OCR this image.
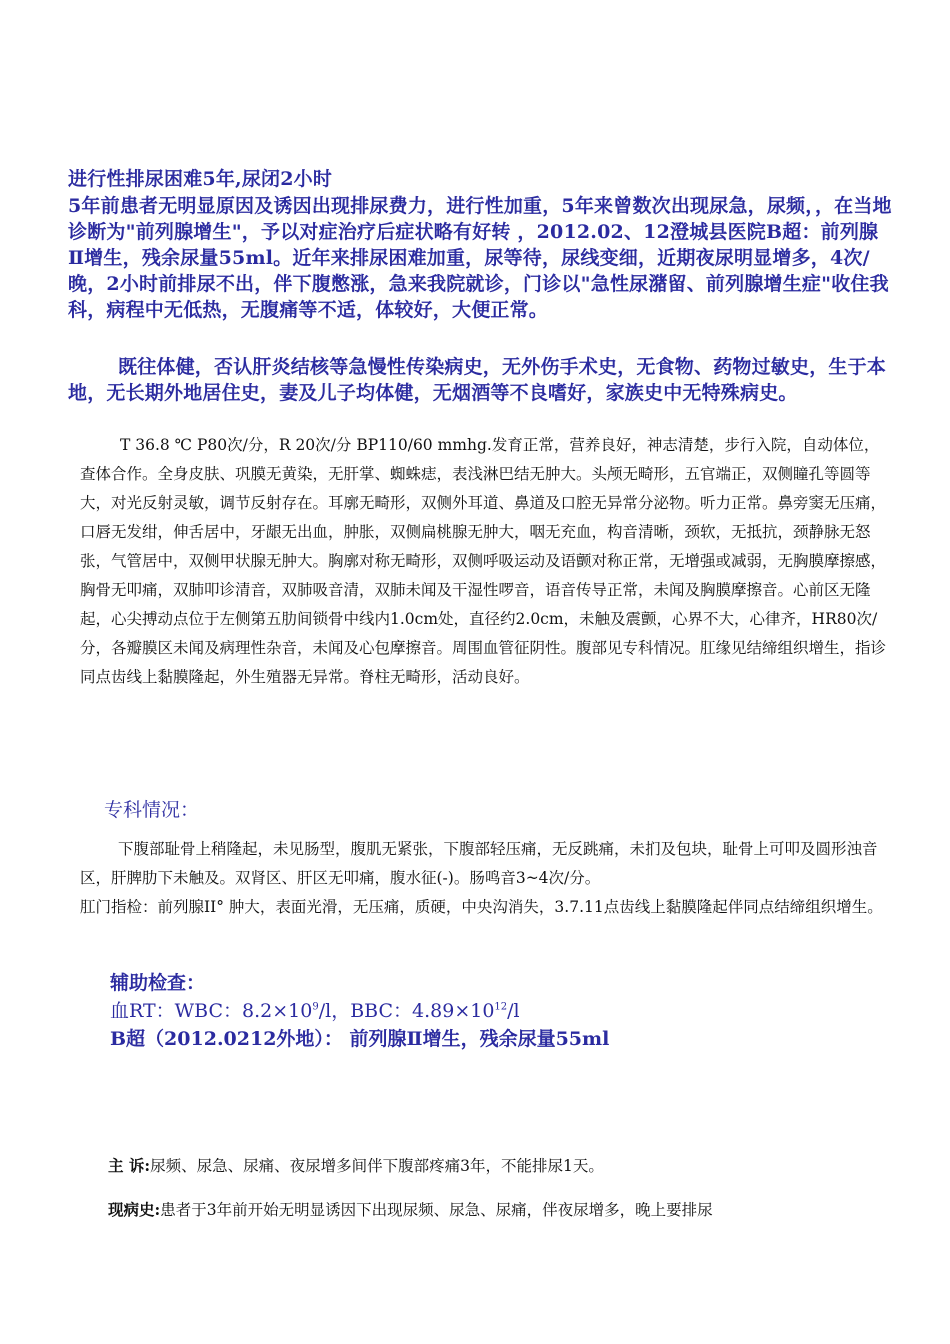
进行性排尿困难5年,尿闭2小时

5年前患者无明显原因及诱因出现排尿费力，进行性加重，5年来曾数次出现尿急，尿频，，在当地诊断为"前列腺增生"，予以对症治疗后症状略有好转 ，2012.02、12澄城县医院B超：前列腺Ⅱ增生，残余尿量55ml。近年来排尿困难加重，尿等待，尿线变细，近期夜尿明显增多，4次/晚，2小时前排尿不出，伴下腹憋涨，急来我院就诊，门诊以"急性尿潴留、前列腺增生症"收住我科，病程中无低热，无腹痛等不适，体较好，大便正常。

既往体健，否认肝炎结核等急慢性传染病史，无外伤手术史，无食物、药物过敏史，生于本地，无长期外地居住史，妻及儿子均体健，无烟酒等不良嗜好，家族史中无特殊病史。

T 36.8 ℃ P80次/分，R 20次/分 BP110/60 mmhg.发育正常，营养良好，神志清楚，步行入院，自动体位，查体合作。全身皮肤、巩膜无黄染，无肝掌、蜘蛛痣，表浅淋巴结无肿大。头颅无畸形，五官端正，双侧瞳孔等圆等大，对光反射灵敏，调节反射存在。耳廓无畸形，双侧外耳道、鼻道及口腔无异常分泌物。听力正常。鼻旁窦无压痛，口唇无发绀，伸舌居中，牙龈无出血，肿胀，双侧扁桃腺无肿大，咽无充血，构音清晰，颈软，无抵抗，颈静脉无怒张，气管居中，双侧甲状腺无肿大。胸廓对称无畸形，双侧呼吸运动及语颤对称正常，无增强或减弱，无胸膜摩擦感，胸骨无叩痛，双肺叩诊清音，双肺吸音清，双肺未闻及干湿性啰音，语音传导正常，未闻及胸膜摩擦音。心前区无隆起，心尖搏动点位于左侧第五肋间锁骨中线内1.0cm处，直径约2.0cm，未触及震颤，心界不大，心律齐，HR80次/分，各瓣膜区未闻及病理性杂音，未闻及心包摩擦音。周围血管征阴性。腹部见专科情况。肛缘见结缔组织增生，指诊同点齿线上黏膜隆起，外生殖器无异常。脊柱无畸形，活动良好。

专科情况：

下腹部耻骨上稍隆起，未见肠型，腹肌无紧张，下腹部轻压痛，无反跳痛，未扪及包块，耻骨上可叩及圆形浊音区，肝脾肋下未触及。双肾区、肝区无叩痛，腹水征(-)。肠鸣音3~4次/分。
肛门指检：前列腺II° 肿大，表面光滑，无压痛，质硬，中央沟消失，3.7.11点齿线上黏膜隆起伴同点结缔组织增生。

辅助检查：

血RT：WBC：$8.2\times 10^9/l$，BBC：$4.89\times 10^{12}/l$

B超（2012.0212外地）： 前列腺Ⅱ增生，残余尿量55ml

主 诉:尿频、尿急、尿痛、夜尿增多间伴下腹部疼痛3年，不能排尿1天。

现病史:患者于3年前开始无明显诱因下出现尿频、尿急、尿痛，伴夜尿增多，晚上要排尿
